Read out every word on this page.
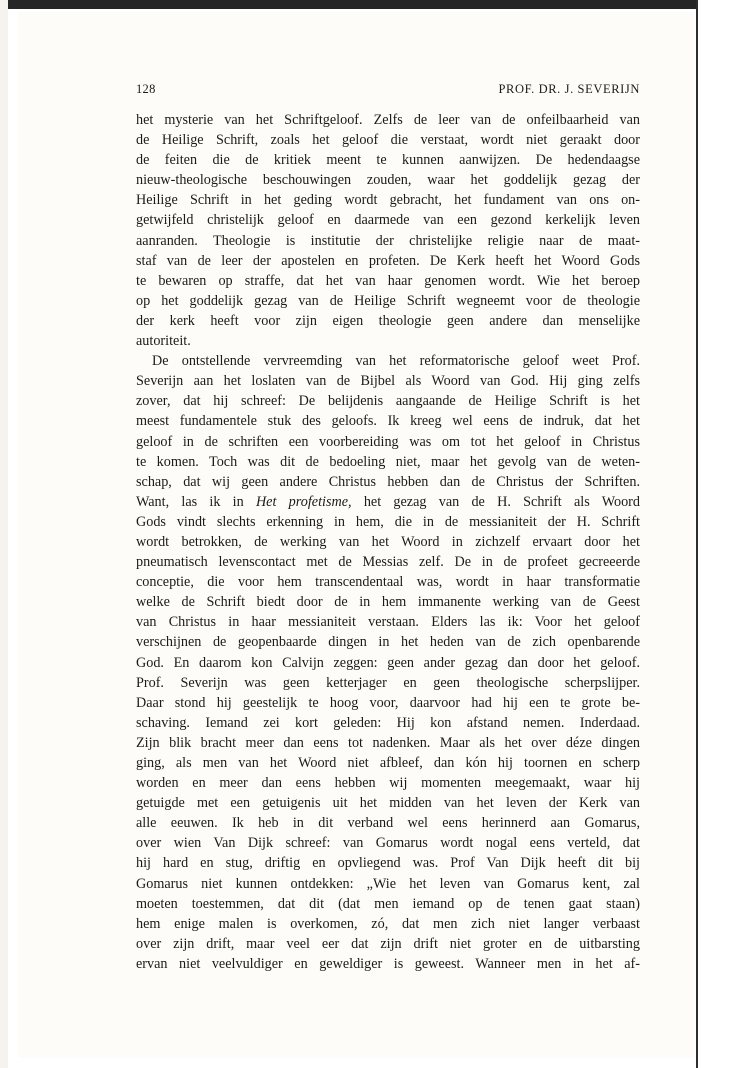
128	PROF. DR. J. SEVERIJN
het mysterie van het Schriftgeloof. Zelfs de leer van de onfeilbaarheid van
de Heilige Schrift, zoals het geloof die verstaat, wordt niet geraakt door
de feiten die de kritiek meent te kunnen aanwijzen. De hedendaagse
nieuw-theologische beschouwingen zouden, waar het goddelijk gezag der
Heilige Schrift in het geding wordt gebracht, het fundament van ons on-
getwijfeld christelijk geloof en daarmede van een gezond kerkelijk leven
aanranden. Theologie is institutie der christelijke religie naar de maat-
staf van de leer der apostelen en profeten. De Kerk heeft het Woord Gods
te bewaren op straffe, dat het van haar genomen wordt. Wie het beroep
op het goddelijk gezag van de Heilige Schrift wegneemt voor de theologie
der kerk heeft voor zijn eigen theologie geen andere dan menselijke
autoriteit.
De ontstellende vervreemding van het reformatorische geloof weet Prof.
Severijn aan het loslaten van de Bijbel als Woord van God. Hij ging zelfs
zover, dat hij schreef: De belijdenis aangaande de Heilige Schrift is het
meest fundamentele stuk des geloofs. Ik kreeg wel eens de indruk, dat het
geloof in de schriften een voorbereiding was om tot het geloof in Christus
te komen. Toch was dit de bedoeling niet, maar het gevolg van de weten-
schap, dat wij geen andere Christus hebben dan de Christus der Schriften.
Want, las ik in Het profetisme, het gezag van de H. Schrift als Woord
Gods vindt slechts erkenning in hem, die in de messianiteit der H. Schrift
wordt betrokken, de werking van het Woord in zichzelf ervaart door het
pneumatisch levenscontact met de Messias zelf. De in de profeet gecreeerde
conceptie, die voor hem transcendentaal was, wordt in haar transformatie
welke de Schrift biedt door de in hem immanente werking van de Geest
van Christus in haar messianiteit verstaan. Elders las ik: Voor het geloof
verschijnen de geopenbaarde dingen in het heden van de zich openbarende
God. En daarom kon Calvijn zeggen: geen ander gezag dan door het geloof.
Prof. Severijn was geen ketterjager en geen theologische scherpslijper.
Daar stond hij geestelijk te hoog voor, daarvoor had hij een te grote be-
schaving. Iemand zei kort geleden: Hij kon afstand nemen. Inderdaad.
Zijn blik bracht meer dan eens tot nadenken. Maar als het over déze dingen
ging, als men van het Woord niet afbleef, dan kón hij toornen en scherp
worden en meer dan eens hebben wij momenten meegemaakt, waar hij
getuigde met een getuigenis uit het midden van het leven der Kerk van
alle eeuwen. Ik heb in dit verband wel eens herinnerd aan Gomarus,
over wien Van Dijk schreef: van Gomarus wordt nogal eens verteld, dat
hij hard en stug, driftig en opvliegend was. Prof Van Dijk heeft dit bij
Gomarus niet kunnen ontdekken: „Wie het leven van Gomarus kent, zal
moeten toestemmen, dat dit (dat men iemand op de tenen gaat staan)
hem enige malen is overkomen, zó, dat men zich niet langer verbaast
over zijn drift, maar veel eer dat zijn drift niet groter en de uitbarsting
ervan niet veelvuldiger en geweldiger is geweest. Wanneer men in het af-
